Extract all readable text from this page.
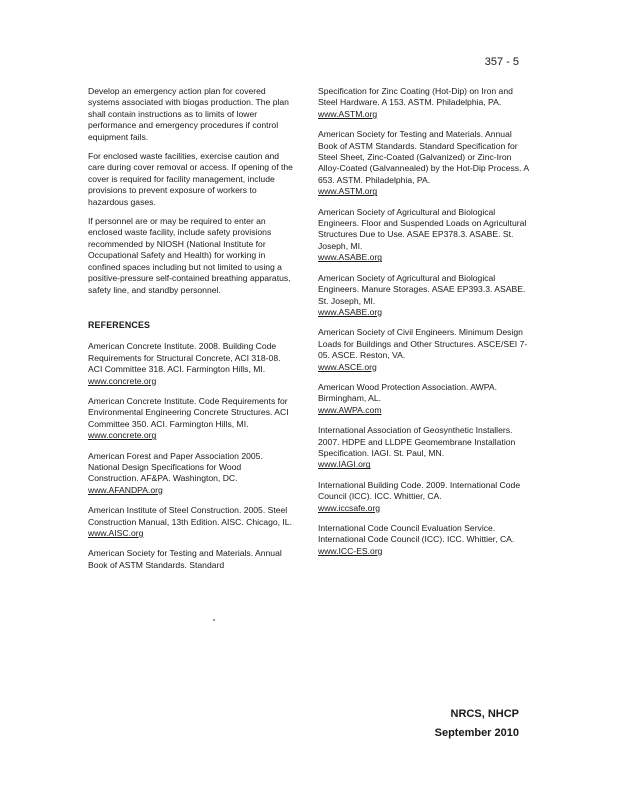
357 - 5

Develop an emergency action plan for covered systems associated with biogas production. The plan shall contain instructions as to limits of lower performance and emergency procedures if control equipment fails.

For enclosed waste facilities, exercise caution and care during cover removal or access. If opening of the cover is required for facility management, include provisions to prevent exposure of workers to hazardous gases.

If personnel are or may be required to enter an enclosed waste facility, include safety provisions recommended by NIOSH (National Institute for Occupational Safety and Health) for working in confined spaces including but not limited to using a positive-pressure self-contained breathing apparatus, safety line, and standby personnel.

REFERENCES
American Concrete Institute. 2008. Building Code Requirements for Structural Concrete, ACI 318-08. ACI Committee 318. ACI. Farmington Hills, MI.
www.concrete.org
American Concrete Institute. Code Requirements for Environmental Engineering Concrete Structures. ACI Committee 350. ACI. Farmington Hills, MI.
www.concrete.org
American Forest and Paper Association 2005. National Design Specifications for Wood Construction. AF&PA. Washington, DC.
www.AFANDPA.org
American Institute of Steel Construction. 2005. Steel Construction Manual, 13th Edition. AISC. Chicago, IL.
www.AISC.org
American Society for Testing and Materials. Annual Book of ASTM Standards. Standard
Specification for Zinc Coating (Hot-Dip) on Iron and Steel Hardware. A 153. ASTM. Philadelphia, PA.
www.ASTM.org
American Society for Testing and Materials. Annual Book of ASTM Standards. Standard Specification for Steel Sheet, Zinc-Coated (Galvanized) or Zinc-Iron Alloy-Coated (Galvannealed) by the Hot-Dip Process. A 653. ASTM. Philadelphia, PA.
www.ASTM.org
American Society of Agricultural and Biological Engineers. Floor and Suspended Loads on Agricultural Structures Due to Use. ASAE EP378.3. ASABE. St. Joseph, MI.
www.ASABE.org
American Society of Agricultural and Biological Engineers. Manure Storages. ASAE EP393.3. ASABE. St. Joseph, MI.
www.ASABE.org
American Society of Civil Engineers. Minimum Design Loads for Buildings and Other Structures. ASCE/SEI 7-05. ASCE. Reston, VA.
www.ASCE.org
American Wood Protection Association. AWPA. Birmingham, AL.
www.AWPA.com
International Association of Geosynthetic Installers. 2007. HDPE and LLDPE Geomembrane Installation Specification. IAGI. St. Paul, MN.
www.IAGI.org
International Building Code. 2009. International Code Council (ICC). ICC. Whittier, CA.
www.iccsafe.org
International Code Council Evaluation Service. International Code Council (ICC). ICC. Whittier, CA.
www.ICC-ES.org
NRCS, NHCP
September 2010
